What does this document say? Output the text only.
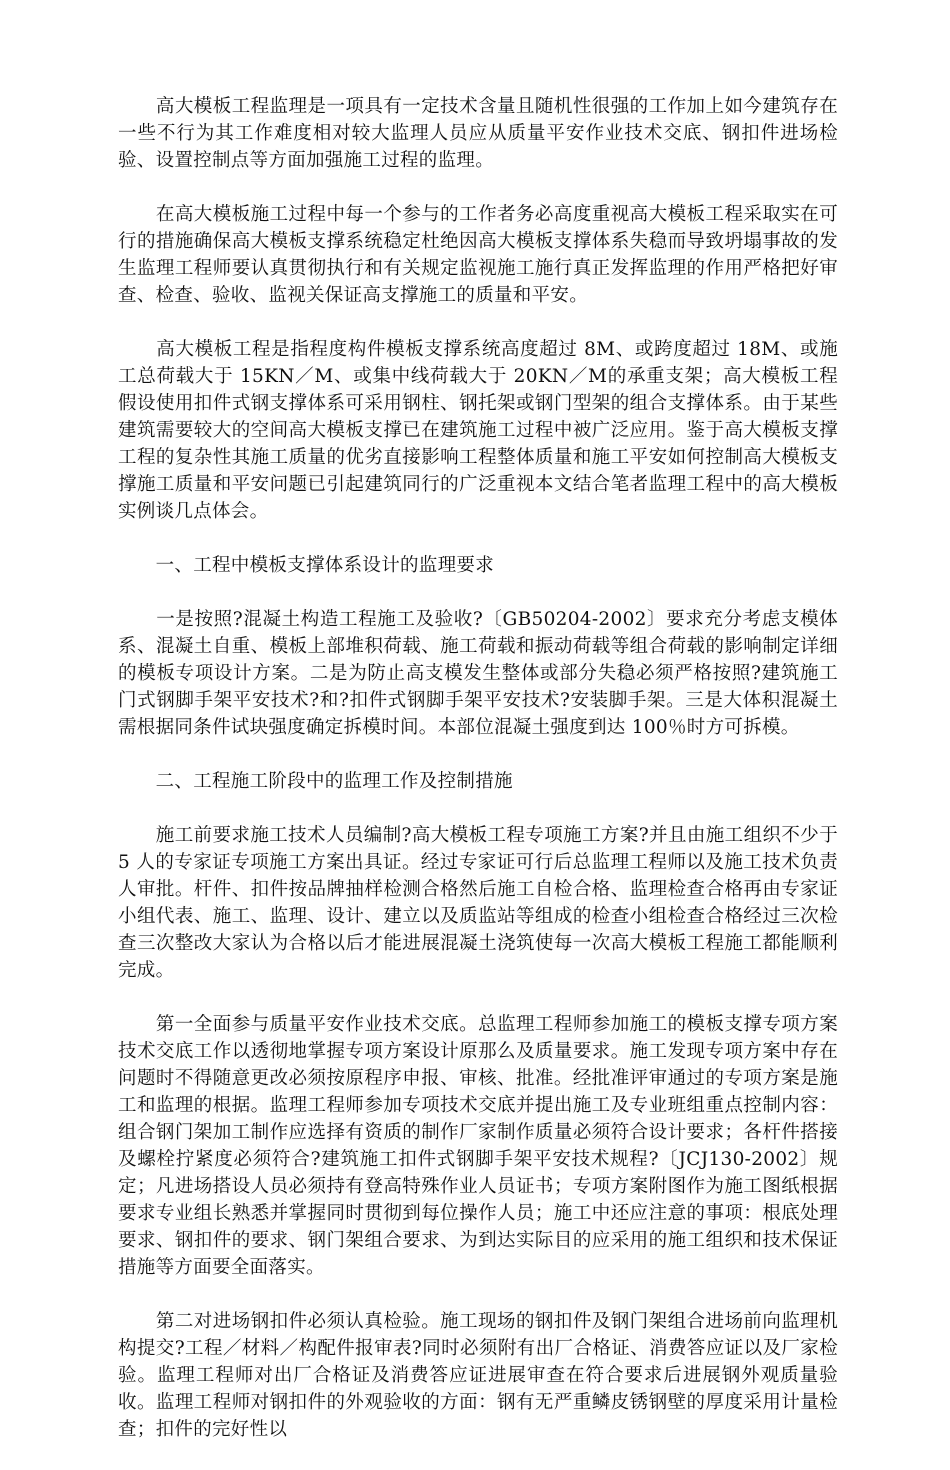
　　高大模板工程监理是一项具有一定技术含量且随机性很强的工作加上如今建筑存在一些不行为其工作难度相对较大监理人员应从质量平安作业技术交底、钢扣件进场检验、设置控制点等方面加强施工过程的监理。

　　在高大模板施工过程中每一个参与的工作者务必高度重视高大模板工程采取实在可行的措施确保高大模板支撑系统稳定杜绝因高大模板支撑体系失稳而导致坍塌事故的发生监理工程师要认真贯彻执行和有关规定监视施工施行真正发挥监理的作用严格把好审查、检查、验收、监视关保证高支撑施工的质量和平安。

　　高大模板工程是指程度构件模板支撑系统高度超过 8M、或跨度超过 18M、或施工总荷载大于 15KN／M、或集中线荷载大于 20KN／M的承重支架；高大模板工程假设使用扣件式钢支撑体系可采用钢柱、钢托架或钢门型架的组合支撑体系。由于某些建筑需要较大的空间高大模板支撑已在建筑施工过程中被广泛应用。鉴于高大模板支撑工程的复杂性其施工质量的优劣直接影响工程整体质量和施工平安如何控制高大模板支撑施工质量和平安问题已引起建筑同行的广泛重视本文结合笔者监理工程中的高大模板实例谈几点体会。

　　一、工程中模板支撑体系设计的监理要求

　　一是按照?混凝土构造工程施工及验收?〔GB50204-2002〕要求充分考虑支模体系、混凝土自重、模板上部堆积荷载、施工荷载和振动荷载等组合荷载的影响制定详细的模板专项设计方案。二是为防止高支模发生整体或部分失稳必须严格按照?建筑施工门式钢脚手架平安技术?和?扣件式钢脚手架平安技术?安装脚手架。三是大体积混凝土需根据同条件试块强度确定拆模时间。本部位混凝土强度到达 100％时方可拆模。

　　二、工程施工阶段中的监理工作及控制措施

　　施工前要求施工技术人员编制?高大模板工程专项施工方案?并且由施工组织不少于 5 人的专家证专项施工方案出具证。经过专家证可行后总监理工程师以及施工技术负责人审批。杆件、扣件按品牌抽样检测合格然后施工自检合格、监理检查合格再由专家证小组代表、施工、监理、设计、建立以及质监站等组成的检查小组检查合格经过三次检查三次整改大家认为合格以后才能进展混凝土浇筑使每一次高大模板工程施工都能顺利完成。

　　第一全面参与质量平安作业技术交底。总监理工程师参加施工的模板支撑专项方案技术交底工作以透彻地掌握专项方案设计原那么及质量要求。施工发现专项方案中存在问题时不得随意更改必须按原程序申报、审核、批准。经批准评审通过的专项方案是施工和监理的根据。监理工程师参加专项技术交底并提出施工及专业班组重点控制内容：组合钢门架加工制作应选择有资质的制作厂家制作质量必须符合设计要求；各杆件搭接及螺栓拧紧度必须符合?建筑施工扣件式钢脚手架平安技术规程?〔JCJ130-2002〕规定；凡进场搭设人员必须持有登高特殊作业人员证书；专项方案附图作为施工图纸根据要求专业组长熟悉并掌握同时贯彻到每位操作人员；施工中还应注意的事项：根底处理要求、钢扣件的要求、钢门架组合要求、为到达实际目的应采用的施工组织和技术保证措施等方面要全面落实。

　　第二对进场钢扣件必须认真检验。施工现场的钢扣件及钢门架组合进场前向监理机构提交?工程／材料／构配件报审表?同时必须附有出厂合格证、消费答应证以及厂家检验。监理工程师对出厂合格证及消费答应证进展审查在符合要求后进展钢外观质量验收。监理工程师对钢扣件的外观验收的方面：钢有无严重鳞皮锈钢壁的厚度采用计量检查；扣件的完好性以
